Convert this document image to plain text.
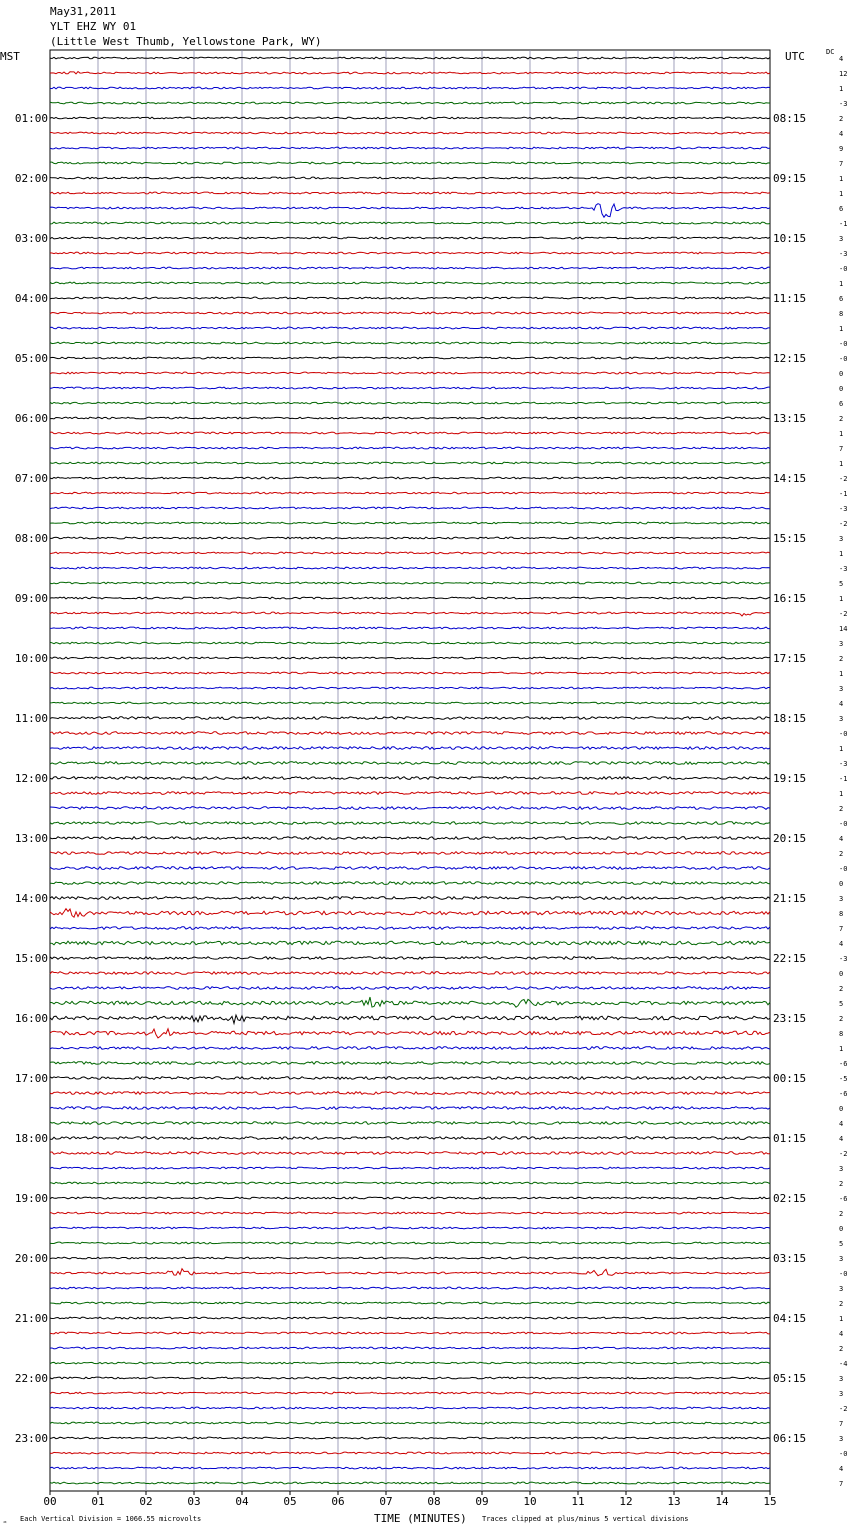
May31,2011
YLT EHZ WY 01
(Little West Thumb, Yellowstone Park, WY)
MST	UTC	DC
00	01	02	03	04	05	06	07	08	09	10	11	12	13	14	15
01:00
02:00
03:00
04:00
05:00
06:00
07:00
08:00
09:00
10:00
11:00
12:00
13:00
14:00
15:00
16:00
17:00
18:00
19:00
20:00
21:00
22:00
23:00
08:15
09:15
10:15
11:15
12:15
13:15
14:15
15:15
16:15
17:15
18:15
19:15
20:15
21:15
22:15
23:15
00:15
01:15
02:15
03:15
04:15
05:15
06:15
4
12
1
-3
2
4
9
7
1
1
6
-1
3
-3
-0
1
6
8
1
-0
-0
0
0
6
2
1
7
1
-2
-1
-3
-2
3
1
-3
5
1
-2
14
3
2
1
3
4
3
-0
1
-3
-1
1
2
-0
4
2
-0
0
3
8
7
4
-3
0
2
5
2
8
1
-6
-5
-6
0
4
4
-2
3
2
-6
2
0
5
3
-0
3
2
1
4
2
-4
3
3
-2
7
3
-0
4
7
♒ Each Vertical Division = 1066.55 microvolts	TIME (MINUTES) Traces clipped at plus/minus 5 vertical divisions
